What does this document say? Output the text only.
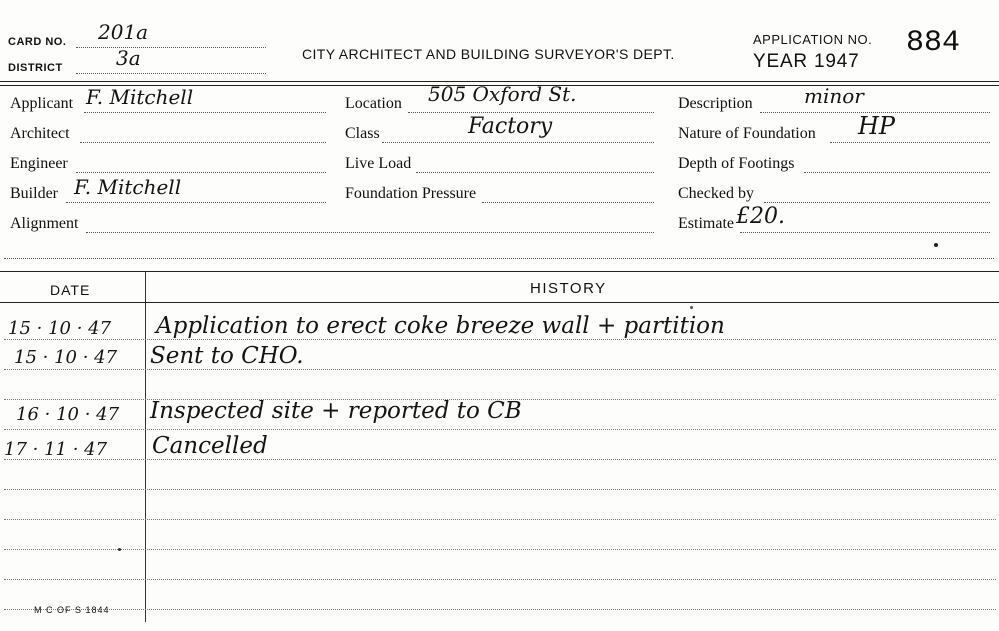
CARD NO. 201a
DISTRICT	3a	CITY ARCHITECT AND BUILDING SURVEYOR'S DEPT.
APPLICATION NO. 884
YEAR 1947
Applicant F. Mitchell
Architect
Engineer
Builder F. Mitchell
Alignment
Location 505 Oxford St.
Class	Factory
Live Load
Foundation Pressure
Description	minor
Nature of Foundation HP
Depth of Footings
Checked by
Estimate £20.
DATE	HISTORY
15 · 10 · 47 Application to erect coke breeze wall + partition
15 · 10 · 47 Sent to CHO.
16 · 10 · 47 Inspected site + reported to CB
17 · 11 · 47 Cancelled
M C OF S 1844
